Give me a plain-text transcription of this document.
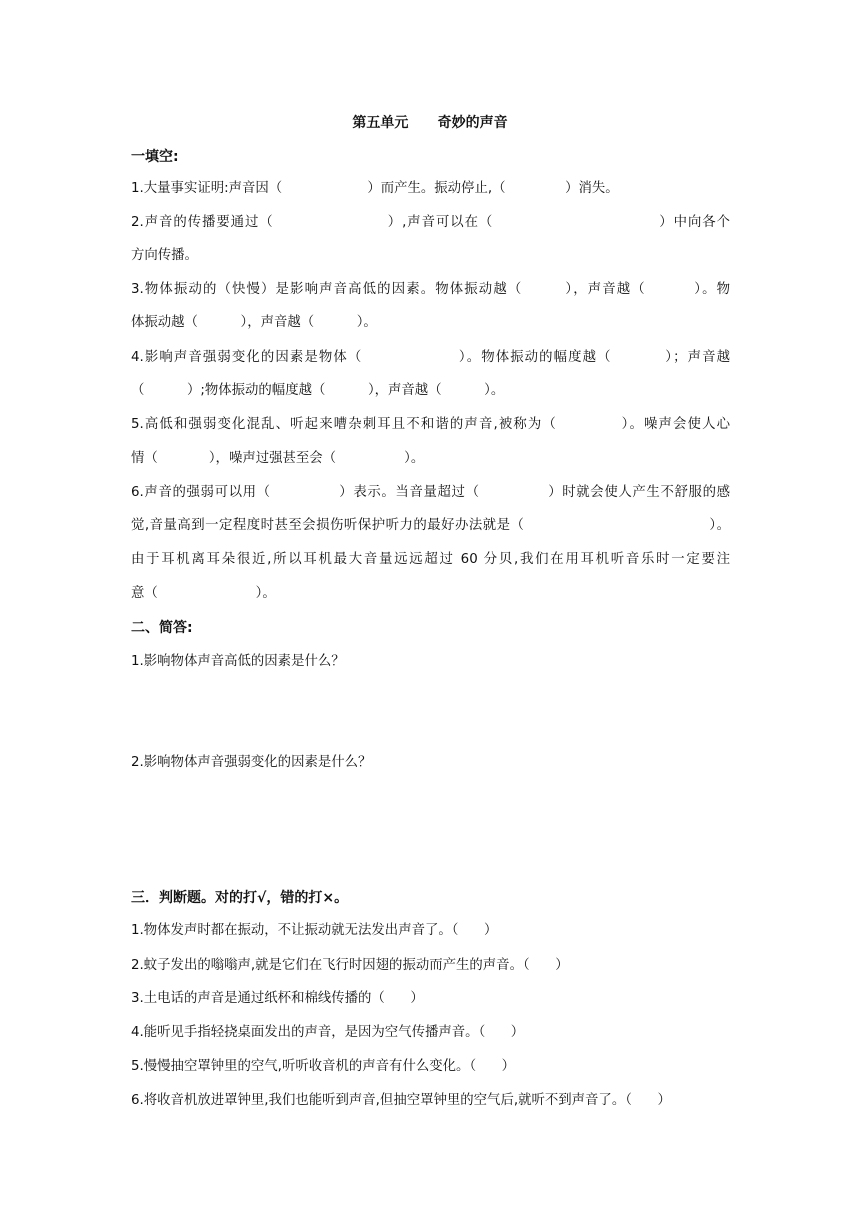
第五单元      奇妙的声音
一填空:
1.大量事实证明:声音因（                    ）而产生。振动停止,（              ）消失。
2.声音的传播要通过（                      ）,声音可以在（                                ）中向各个
方向传播。
3.物体振动的（快慢）是影响声音高低的因素。物体振动越（        ），声音越（         ）。物
体振动越（          ），声音越（          ）。
4.影响声音强弱变化的因素是物体（                  ）。物体振动的幅度越（          ）；声音越
（          ）;物体振动的幅度越（          ），声音越（          ）。
5.高低和强弱变化混乱、听起来嘈杂刺耳且不和谐的声音,被称为（            ）。噪声会使人心
情（            ），噪声过强甚至会（                ）。
6.声音的强弱可以用（              ）表示。当音量超过（              ）时就会使人产生不舒服的感
觉,音量高到一定程度时甚至会损伤听保护听力的最好办法就是（                                       ）。
由于耳机离耳朵很近,所以耳机最大音量远远超过 60 分贝,我们在用耳机听音乐时一定要注
意（                       ）。
二、简答:
1.影响物体声音高低的因素是什么？
2.影响物体声音强弱变化的因素是什么？
三．判断题。对的打√，错的打×。
1.物体发声时都在振动，不让振动就无法发出声音了。（      ）
2.蚊子发出的嗡嗡声,就是它们在飞行时因翅的振动而产生的声音。（      ）
3.土电话的声音是通过纸杯和棉线传播的（      ）
4.能听见手指轻挠桌面发出的声音，是因为空气传播声音。（      ）
5.慢慢抽空罩钟里的空气,听听收音机的声音有什么变化。（      ）
6.将收音机放进罩钟里,我们也能听到声音,但抽空罩钟里的空气后,就听不到声音了。（      ）
